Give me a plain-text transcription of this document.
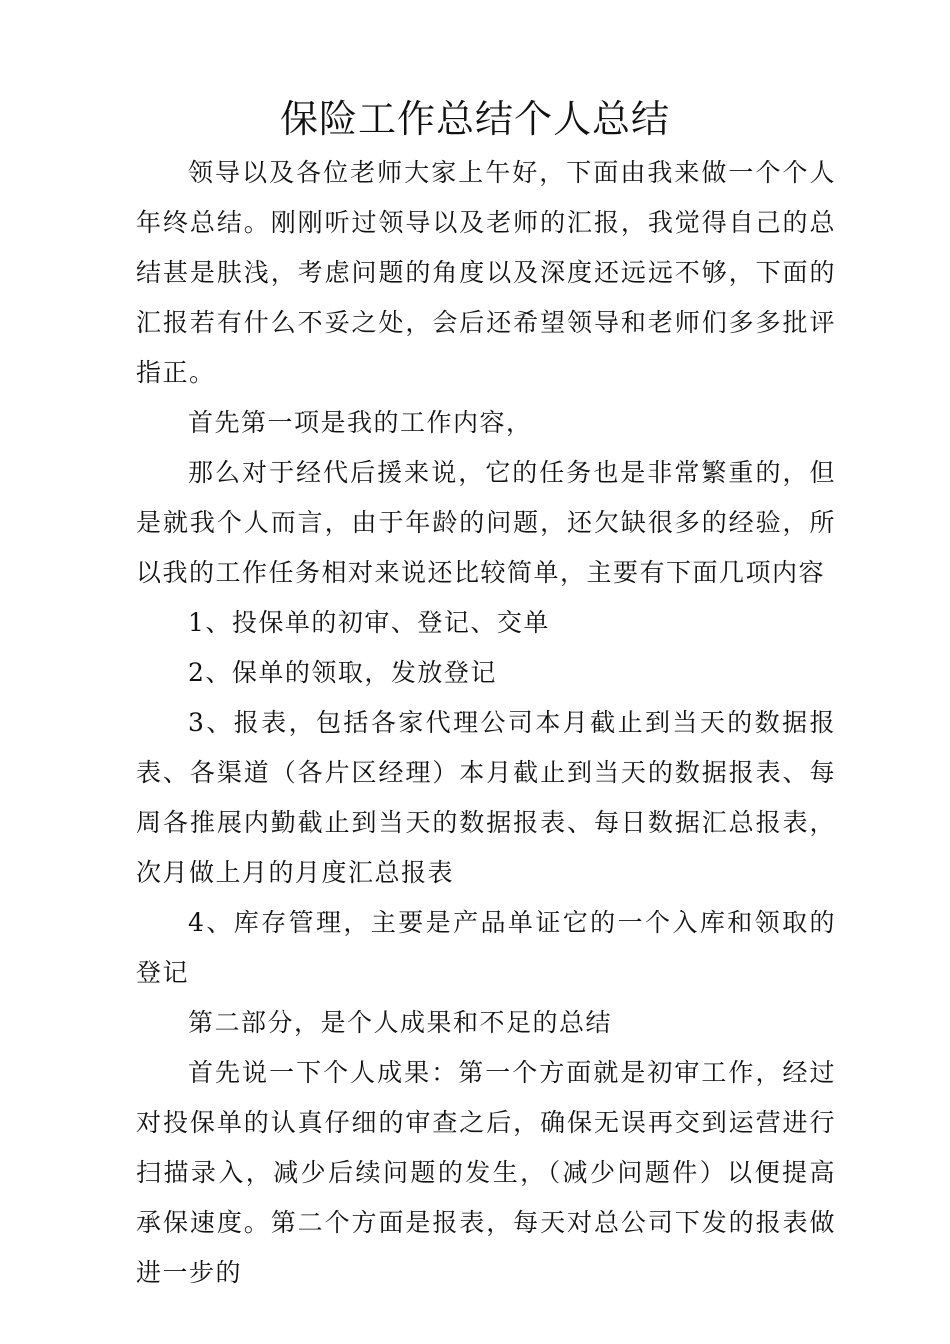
保险工作总结个人总结

领导以及各位老师大家上午好，下面由我来做一个个人年终总结。刚刚听过领导以及老师的汇报，我觉得自己的总结甚是肤浅，考虑问题的角度以及深度还远远不够，下面的汇报若有什么不妥之处，会后还希望领导和老师们多多批评指正。

首先第一项是我的工作内容，

那么对于经代后援来说，它的任务也是非常繁重的，但是就我个人而言，由于年龄的问题，还欠缺很多的经验，所以我的工作任务相对来说还比较简单，主要有下面几项内容

1、投保单的初审、登记、交单

2、保单的领取，发放登记

3、报表，包括各家代理公司本月截止到当天的数据报表、各渠道（各片区经理）本月截止到当天的数据报表、每周各推展内勤截止到当天的数据报表、每日数据汇总报表，次月做上月的月度汇总报表

4、库存管理，主要是产品单证它的一个入库和领取的登记

第二部分，是个人成果和不足的总结

首先说一下个人成果：第一个方面就是初审工作，经过对投保单的认真仔细的审查之后，确保无误再交到运营进行扫描录入，减少后续问题的发生，（减少问题件）以便提高承保速度。第二个方面是报表，每天对总公司下发的报表做进一步的
